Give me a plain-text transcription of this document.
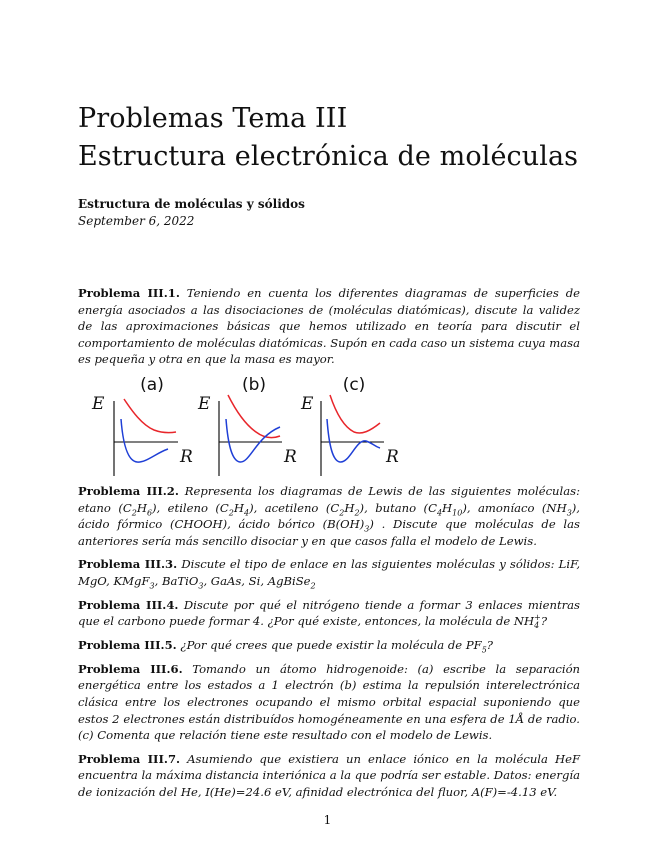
Problemas Tema III
Estructura electrónica de moléculas
Estructura de moléculas y sólidos
September 6, 2022

Problema III.1. Teniendo en cuenta los diferentes diagramas de superficies de energía asociados a las disociaciones de (moléculas diatómicas), discute la validez de las aproximaciones básicas que hemos utilizado en teoría para discutir el comportamiento de moléculas diatómicas. Supón en cada caso un sistema cuya masa es pequeña y otra en que la masa es mayor.

(a)
E
R
(b)
E
R
(c)
E
R

Problema III.2. Representa los diagramas de Lewis de las siguientes moléculas: etano $(C_2H_6)$, etileno $(C_2H_4)$, acetileno $(C_2H_2)$, butano $(C_4H_{10})$, amoníaco $(NH_3)$, ácido fórmico (CHOOH), ácido bórico $(B(OH)_3)$ . Discute que moléculas de las anteriores sería más sencillo disociar y en que casos falla el modelo de Lewis.

Problema III.3. Discute el tipo de enlace en las siguientes moléculas y sólidos: LiF, MgO, KMgF$_3$, BaTiO$_3$, GaAs, Si, AgBiSe$_2$

Problema III.4. Discute por qué el nitrógeno tiende a formar 3 enlaces mientras que el carbono puede formar 4. ¿Por qué existe, entonces, la molécula de NH +
4 ?

Problema III.5. ¿Por qué crees que puede existir la molécula de $PF_5$?

Problema III.6. Tomando un átomo hidrogenoide: (a) escribe la separación energética entre los estados a 1 electrón (b) estima la repulsión interelectrónica clásica entre los electrones ocupando el mismo orbital espacial suponiendo que estos 2 electrones están distribuídos homogéneamente en una esfera de 1Å de radio. (c) Comenta que relación tiene este resultado con el modelo de Lewis.

Problema III.7. Asumiendo que existiera un enlace iónico en la molécula HeF encuentra la máxima distancia interiónica a la que podría ser estable. Datos: energía de ionización del He, I(He)=24.6 eV, afinidad electrónica del fluor, A(F)=-4.13 eV.

1
